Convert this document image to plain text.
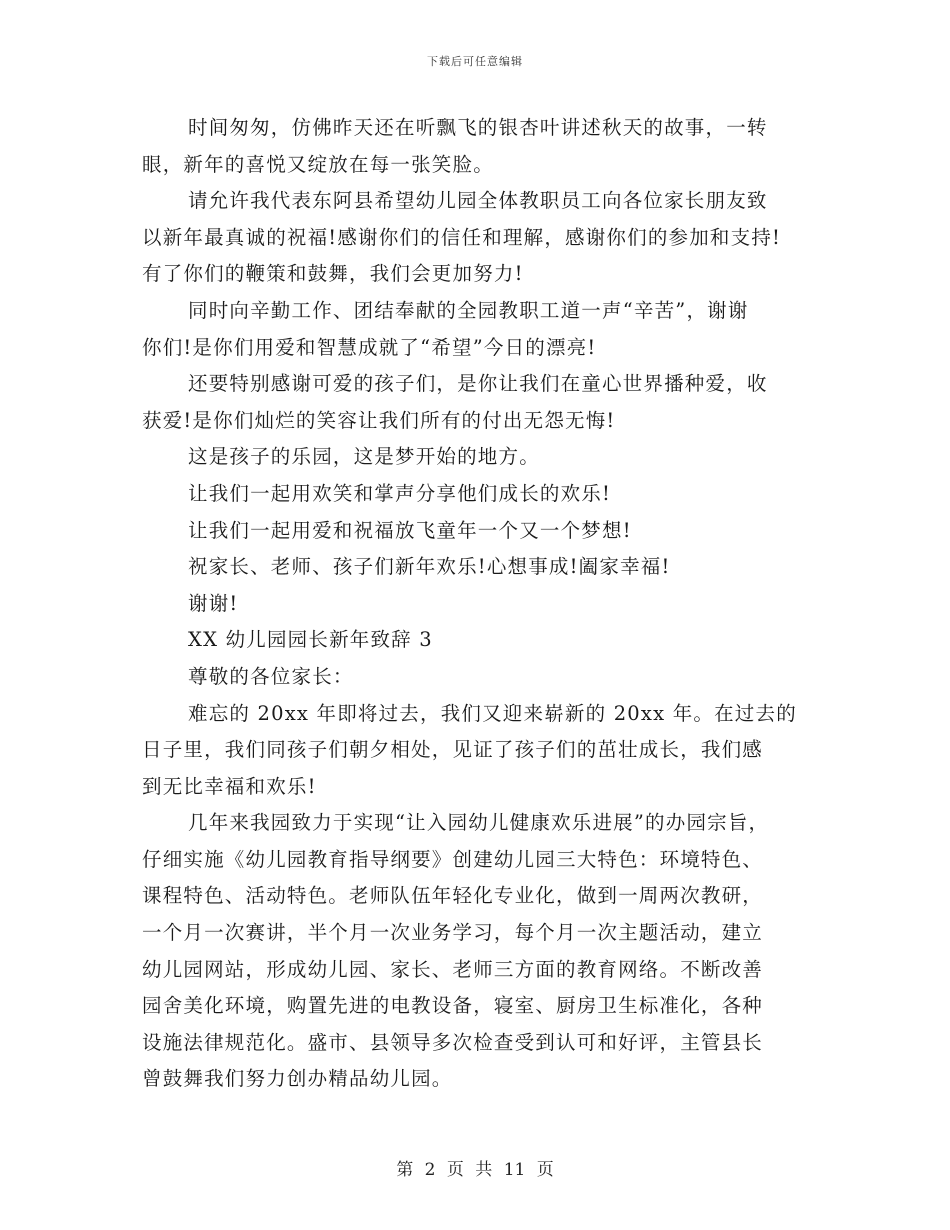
下载后可任意编辑
时间匆匆，仿佛昨天还在听飘飞的银杏叶讲述秋天的故事，一转
眼，新年的喜悦又绽放在每一张笑脸。
请允许我代表东阿县希望幼儿园全体教职员工向各位家长朋友致
以新年最真诚的祝福!感谢你们的信任和理解，感谢你们的参加和支持!
有了你们的鞭策和鼓舞，我们会更加努力!
同时向辛勤工作、团结奉献的全园教职工道一声“辛苦”，谢谢
你们!是你们用爱和智慧成就了“希望”今日的漂亮!
还要特别感谢可爱的孩子们，是你让我们在童心世界播种爱，收
获爱!是你们灿烂的笑容让我们所有的付出无怨无悔!
这是孩子的乐园，这是梦开始的地方。
让我们一起用欢笑和掌声分享他们成长的欢乐!
让我们一起用爱和祝福放飞童年一个又一个梦想!
祝家长、老师、孩子们新年欢乐!心想事成!阖家幸福!
谢谢!
XX 幼儿园园长新年致辞 3
尊敬的各位家长：
难忘的 20xx 年即将过去，我们又迎来崭新的 20xx 年。在过去的
日子里，我们同孩子们朝夕相处，见证了孩子们的茁壮成长，我们感
到无比幸福和欢乐!
几年来我园致力于实现“让入园幼儿健康欢乐进展”的办园宗旨，
仔细实施《幼儿园教育指导纲要》创建幼儿园三大特色：环境特色、
课程特色、活动特色。老师队伍年轻化专业化，做到一周两次教研，
一个月一次赛讲，半个月一次业务学习，每个月一次主题活动，建立
幼儿园网站，形成幼儿园、家长、老师三方面的教育网络。不断改善
园舍美化环境，购置先进的电教设备，寝室、厨房卫生标准化，各种
设施法律规范化。盛市、县领导多次检查受到认可和好评，主管县长
曾鼓舞我们努力创办精品幼儿园。
第 2 页 共 11 页
